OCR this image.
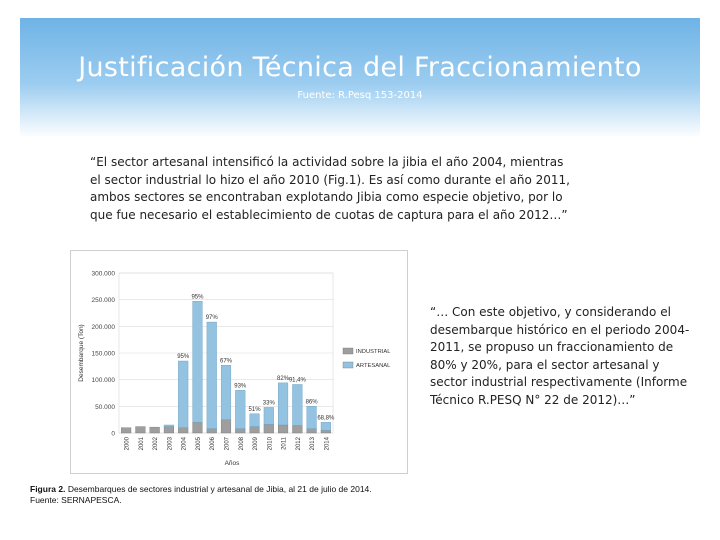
Justificación Técnica del Fraccionamiento
Fuente: R.Pesq 153-2014
“El sector artesanal intensificó la actividad sobre la jibia el año 2004, mientras el sector industrial lo hizo el año 2010 (Fig.1). Es así como durante el año 2011, ambos sectores se encontraban explotando Jibia como especie objetivo, por lo que fue necesario el establecimiento de cuotas de captura para el año 2012…”
0
50.000
100.000
150.000
200.000
250.000
300.000
2000 2001 2002 2003 2004 2005 2006 2007 2008 2009 2010 2011 2012 2013 2014
95%
95%
97%
67%
93%
51%
33%
82% 91,4%
86%
68,8%
Desembarque (Ton)
Años
INDUSTRIAL
ARTESANAL
“… Con este objetivo, y considerando el desembarque histórico en el periodo 2004-2011, se propuso un fraccionamiento de 80% y 20%, para el sector artesanal y sector industrial respectivamente (Informe Técnico R.PESQ N° 22 de 2012)…”
Figura 2. Desembarques de sectores industrial y artesanal de Jibia, al 21 de julio de 2014.
Fuente: SERNAPESCA.
